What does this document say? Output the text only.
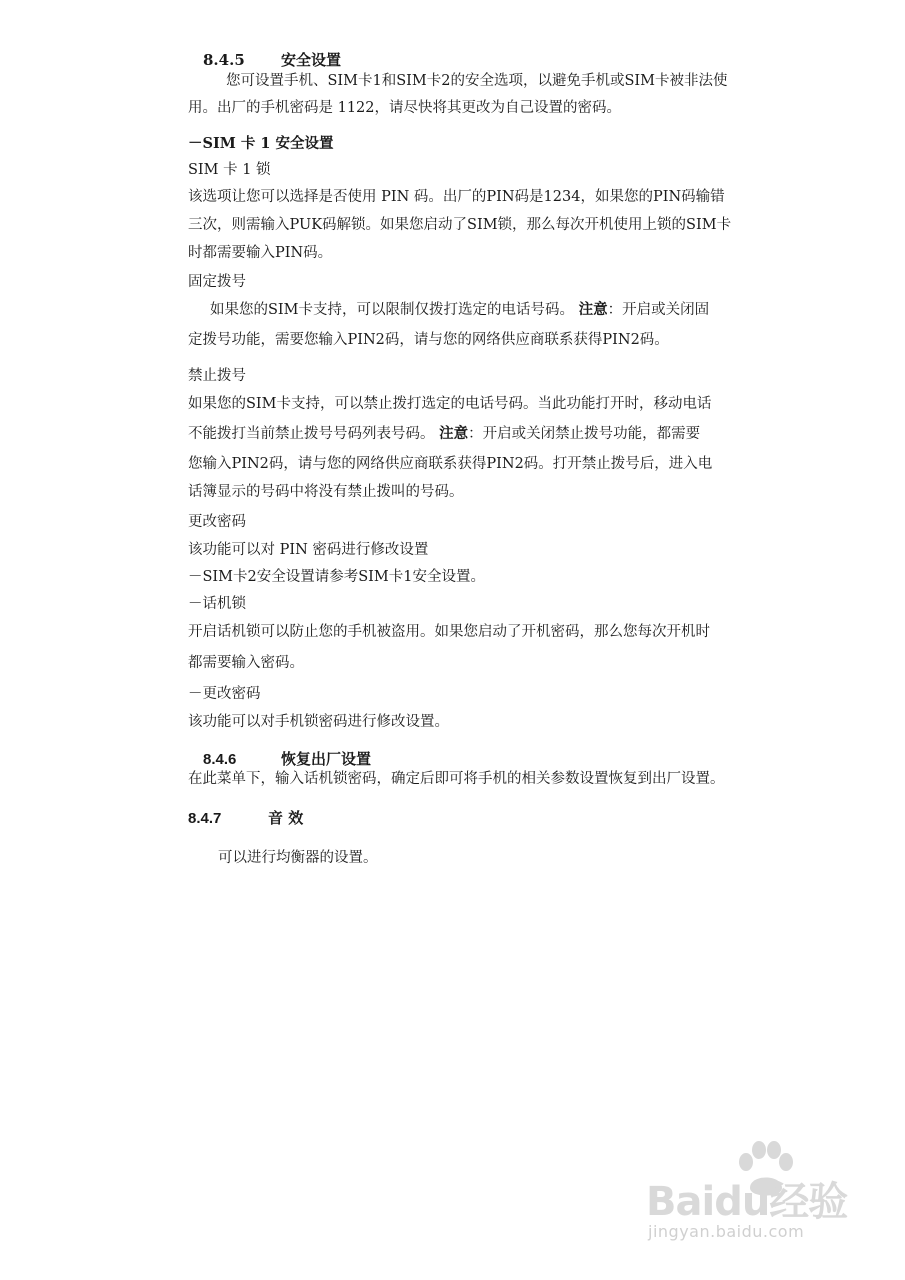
8.4.5 安全设置
您可设置手机、SIM卡1和SIM卡2的安全选项，以避免手机或SIM卡被非法使
用。出厂的手机密码是 1122，请尽快将其更改为自己设置的密码。
－SIM 卡 1 安全设置
SIM 卡 1 锁
该选项让您可以选择是否使用 PIN 码。出厂的PIN码是1234，如果您的PIN码输错
三次，则需输入PUK码解锁。如果您启动了SIM锁，那么每次开机使用上锁的SIM卡
时都需要输入PIN码。
固定拨号
如果您的SIM卡支持，可以限制仅拨打选定的电话号码。 注意：开启或关闭固
定拨号功能，需要您输入PIN2码，请与您的网络供应商联系获得PIN2码。
禁止拨号
如果您的SIM卡支持，可以禁止拨打选定的电话号码。当此功能打开时，移动电话
不能拨打当前禁止拨号号码列表号码。 注意：开启或关闭禁止拨号功能，都需要
您输入PIN2码，请与您的网络供应商联系获得PIN2码。打开禁止拨号后，进入电
话簿显示的号码中将没有禁止拨叫的号码。
更改密码
该功能可以对 PIN 密码进行修改设置
－SIM卡2安全设置请参考SIM卡1安全设置。
－话机锁
开启话机锁可以防止您的手机被盗用。如果您启动了开机密码，那么您每次开机时
都需要输入密码。
－更改密码
该功能可以对手机锁密码进行修改设置。
8.4.6	恢复出厂设置
在此菜单下，输入话机锁密码，确定后即可将手机的相关参数设置恢复到出厂设置。
8.4.7	音 效
可以进行均衡器的设置。
Baidu经验
jingyan.baidu.com
